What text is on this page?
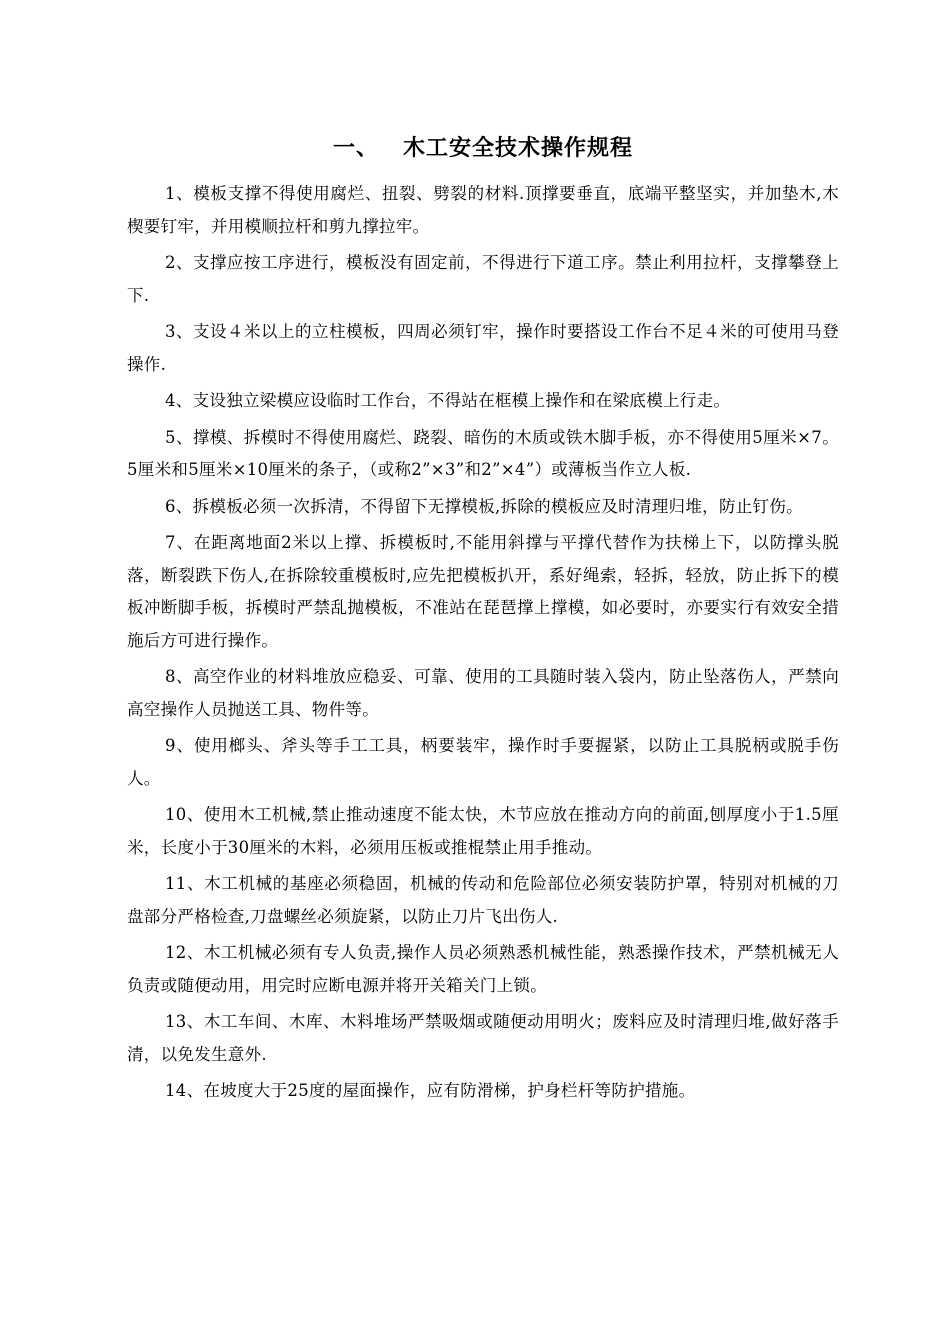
一、 木工安全技术操作规程

1、模板支撑不得使用腐烂、扭裂、劈裂的材料.顶撑要垂直，底端平整坚实，并加垫木,木楔要钉牢，并用模顺拉杆和剪九撑拉牢。

2、支撑应按工序进行，模板没有固定前，不得进行下道工序。禁止利用拉杆，支撑攀登上下.

3、支设４米以上的立柱模板，四周必须钉牢，操作时要搭设工作台不足４米的可使用马登操作.

4、支设独立梁模应设临时工作台，不得站在框模上操作和在梁底模上行走。

5、撑模、拆模时不得使用腐烂、跷裂、暗伤的木质或铁木脚手板，亦不得使用5厘米×7。5厘米和5厘米×10厘米的条子，（或称2”×3”和2”×4”）或薄板当作立人板.

6、拆模板必须一次拆清，不得留下无撑模板,拆除的模板应及时清理归堆，防止钉伤。

7、在距离地面2米以上撑、拆模板时,不能用斜撑与平撑代替作为扶梯上下，以防撑头脱落，断裂跌下伤人,在拆除较重模板时,应先把模板扒开，系好绳索，轻拆，轻放，防止拆下的模板冲断脚手板，拆模时严禁乱抛模板，不准站在琵琶撑上撑模，如必要时，亦要实行有效安全措施后方可进行操作。

8、高空作业的材料堆放应稳妥、可靠、使用的工具随时装入袋内，防止坠落伤人，严禁向高空操作人员抛送工具、物件等。

9、使用榔头、斧头等手工工具，柄要装牢，操作时手要握紧，以防止工具脱柄或脱手伤人。

10、使用木工机械,禁止推动速度不能太快，木节应放在推动方向的前面,刨厚度小于1.5厘米，长度小于30厘米的木料，必须用压板或推棍禁止用手推动。

11、木工机械的基座必须稳固，机械的传动和危险部位必须安装防护罩，特别对机械的刀盘部分严格检查,刀盘螺丝必须旋紧，以防止刀片飞出伤人.

12、木工机械必须有专人负责,操作人员必须熟悉机械性能，熟悉操作技术，严禁机械无人负责或随便动用，用完时应断电源并将开关箱关门上锁。

13、木工车间、木库、木料堆场严禁吸烟或随便动用明火；废料应及时清理归堆,做好落手清，以免发生意外.

14、在坡度大于25度的屋面操作，应有防滑梯，护身栏杆等防护措施。
